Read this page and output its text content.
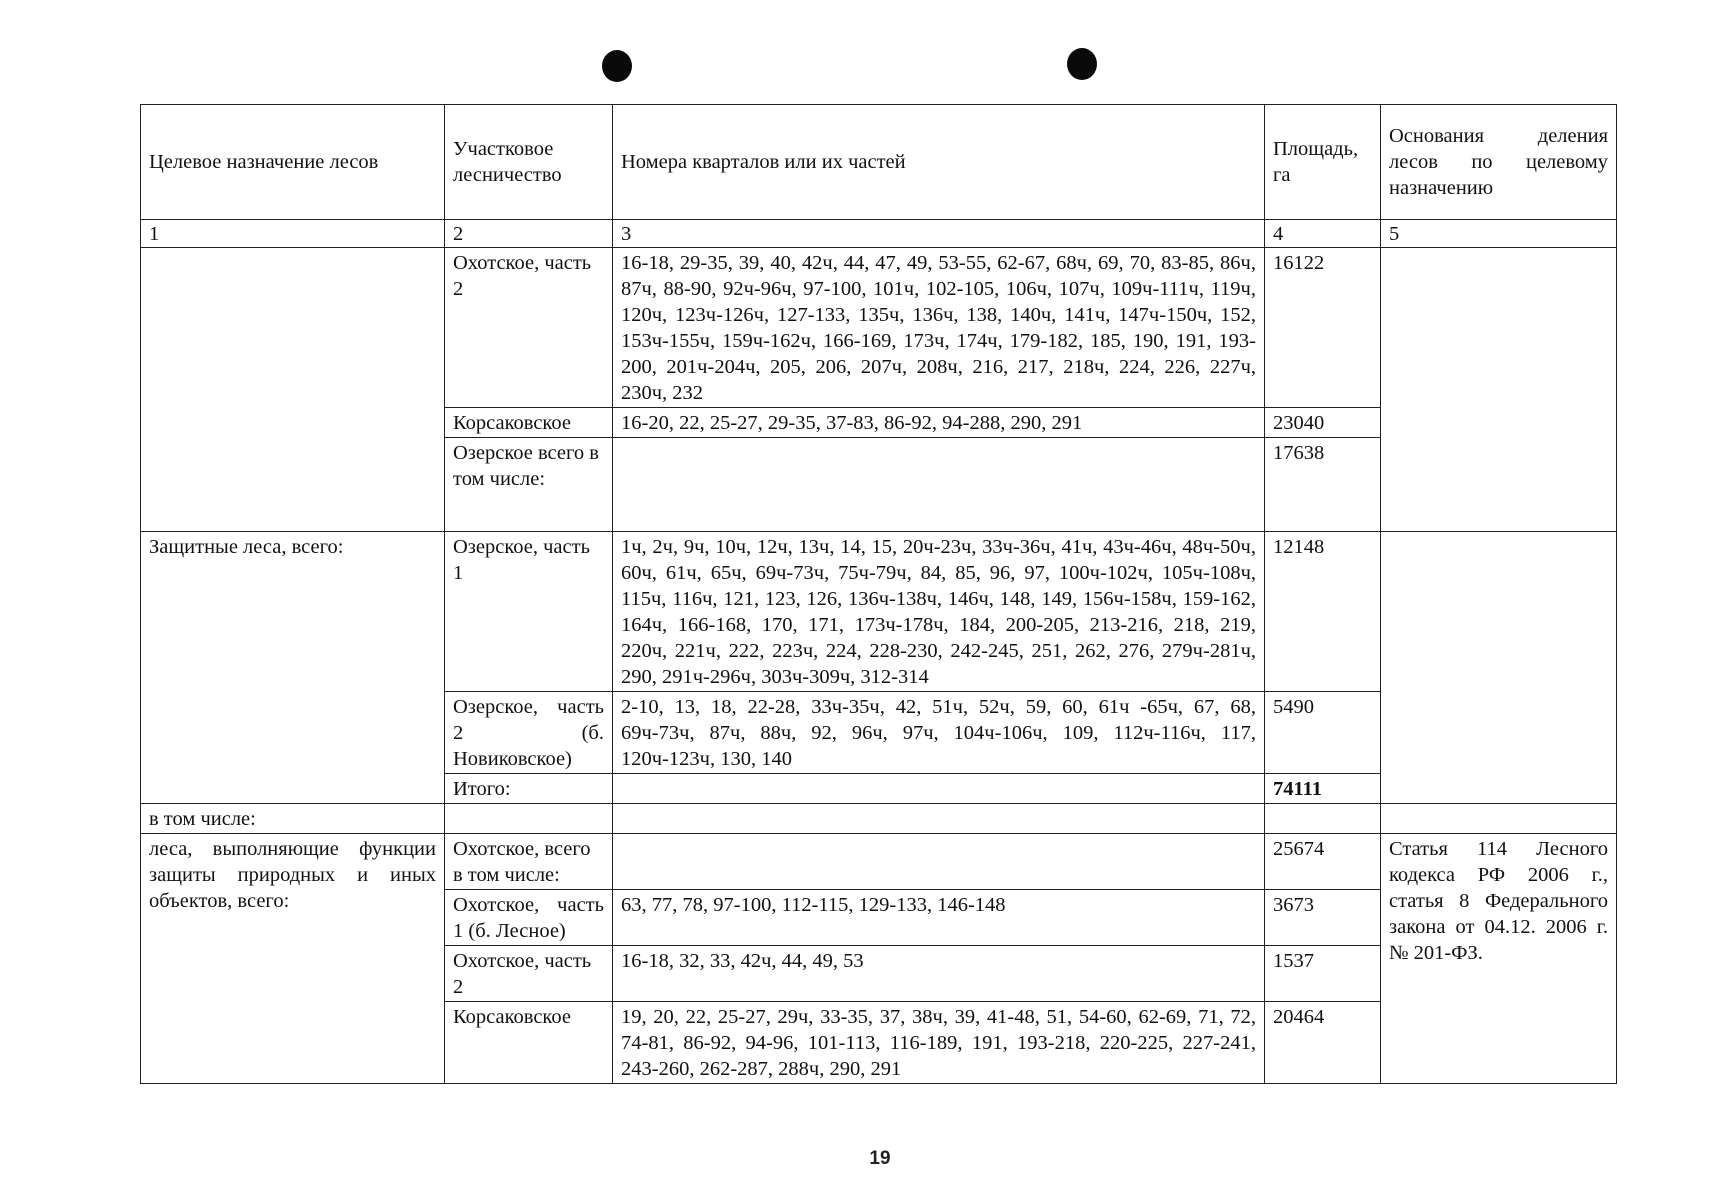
Целевое назначение лесов	Участковое лесничество	Номера кварталов или их частей	Площадь, га	Основания деления лесов по целевому назначению

1	2	3	4	5
	Охотское, часть 2	16-18, 29-35, 39, 40, 42ч, 44, 47, 49, 53-55, 62-67, 68ч, 69, 70, 83-85, 86ч, 87ч, 88-90, 92ч-96ч, 97-100, 101ч, 102-105, 106ч, 107ч, 109ч-111ч, 119ч, 120ч, 123ч-126ч, 127-133, 135ч, 136ч, 138, 140ч, 141ч, 147ч-150ч, 152, 153ч-155ч, 159ч-162ч, 166-169, 173ч, 174ч, 179-182, 185, 190, 191, 193-200, 201ч-204ч, 205, 206, 207ч, 208ч, 216, 217, 218ч, 224, 226, 227ч, 230ч, 232	16122	
	Корсаковское	16-20, 22, 25-27, 29-35, 37-83, 86-92, 94-288, 290, 291	23040	
	Озерское всего в том числе:		17638	
Защитные леса, всего:	Озерское, часть 1	1ч, 2ч, 9ч, 10ч, 12ч, 13ч, 14, 15, 20ч-23ч, 33ч-36ч, 41ч, 43ч-46ч, 48ч-50ч, 60ч, 61ч, 65ч, 69ч-73ч, 75ч-79ч, 84, 85, 96, 97, 100ч-102ч, 105ч-108ч, 115ч, 116ч, 121, 123, 126, 136ч-138ч, 146ч, 148, 149, 156ч-158ч, 159-162, 164ч, 166-168, 170, 171, 173ч-178ч, 184, 200-205, 213-216, 218, 219, 220ч, 221ч, 222, 223ч, 224, 228-230, 242-245, 251, 262, 276, 279ч-281ч, 290, 291ч-296ч, 303ч-309ч, 312-314	12148	
	Озерское, часть 2 (б. Новиковское)	2-10, 13, 18, 22-28, 33ч-35ч, 42, 51ч, 52ч, 59, 60, 61ч -65ч, 67, 68, 69ч-73ч, 87ч, 88ч, 92, 96ч, 97ч, 104ч-106ч, 109, 112ч-116ч, 117, 120ч-123ч, 130, 140	5490	
	Итого:		74111	
в том числе:				
леса, выполняющие функции защиты природных и иных объектов, всего:	Охотское, всего в том числе:		25674	Статья 114 Лесного кодекса РФ 2006 г., статья 8 Федерального закона от 04.12. 2006 г. № 201-ФЗ.
	Охотское, часть 1 (б. Лесное)	63, 77, 78, 97-100, 112-115, 129-133, 146-148	3673	
	Охотское, часть 2	16-18, 32, 33, 42ч, 44, 49, 53	1537	
	Корсаковское	19, 20, 22, 25-27, 29ч, 33-35, 37, 38ч, 39, 41-48, 51, 54-60, 62-69, 71, 72, 74-81, 86-92, 94-96, 101-113, 116-189, 191, 193-218, 220-225, 227-241, 243-260, 262-287, 288ч, 290, 291	20464	
19
